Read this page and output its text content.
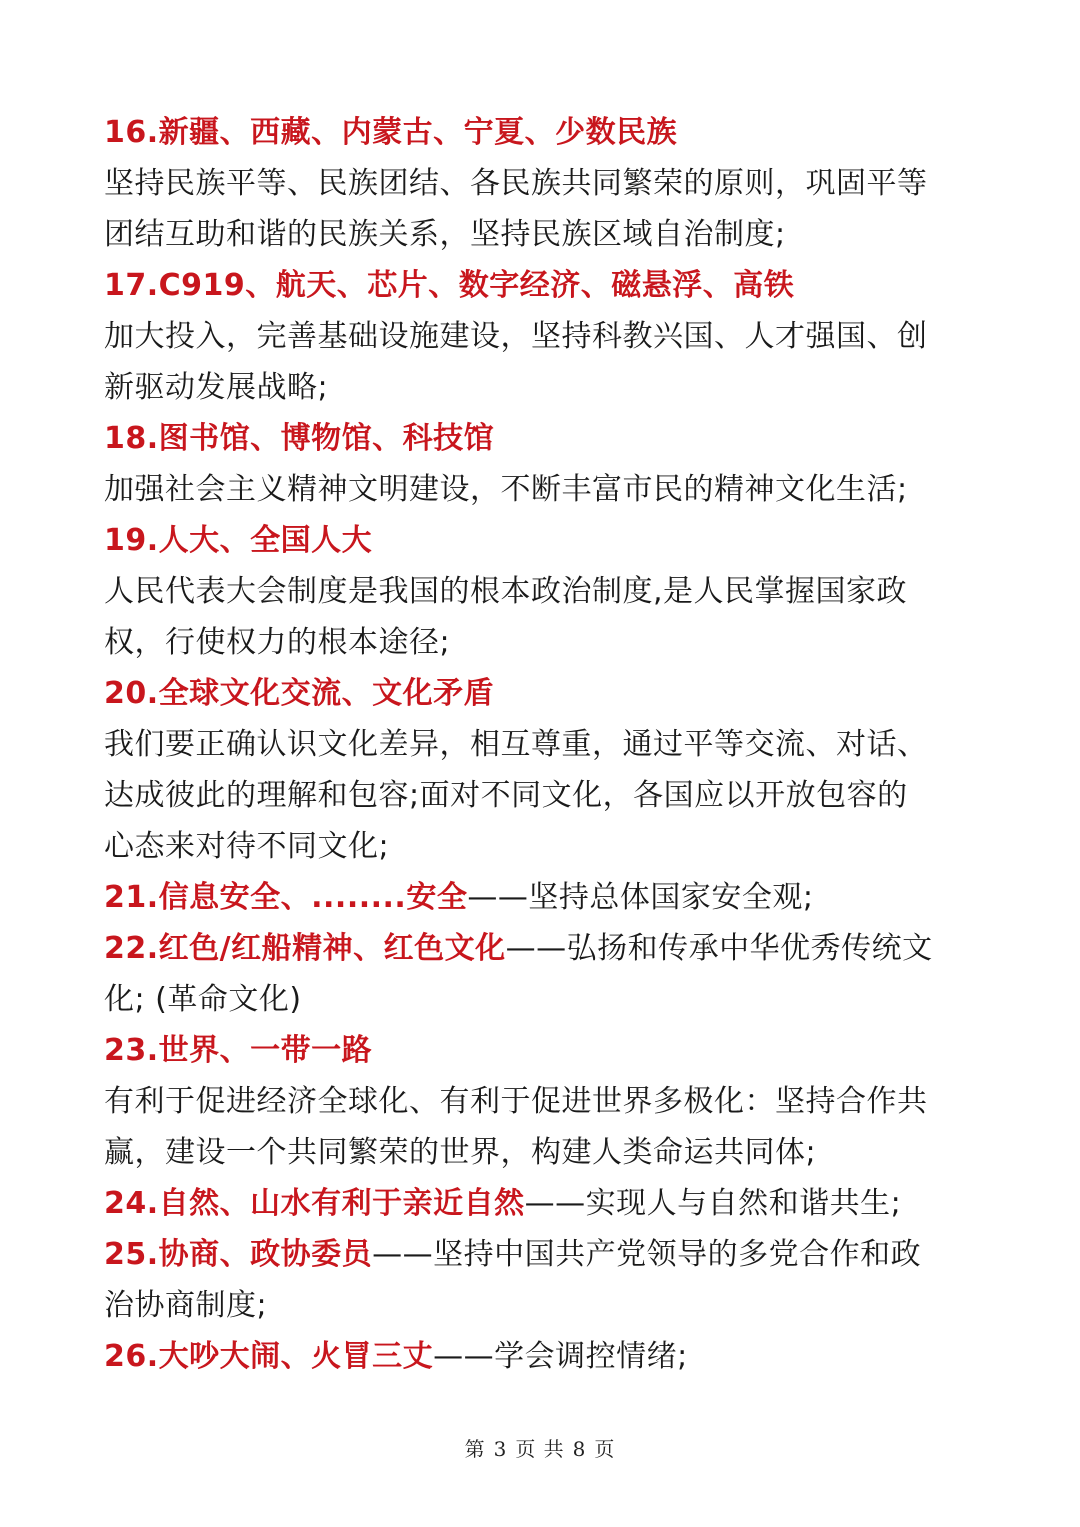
16.新疆、西藏、内蒙古、宁夏、少数民族
坚持民族平等、民族团结、各民族共同繁荣的原则，巩固平等
团结互助和谐的民族关系，坚持民族区域自治制度;
17.C919、航天、芯片、数字经济、磁悬浮、高铁
加大投入，完善基础设施建设，坚持科教兴国、人才强国、创
新驱动发展战略;
18.图书馆、博物馆、科技馆
加强社会主义精神文明建设，不断丰富市民的精神文化生活;
19.人大、全国人大
人民代表大会制度是我国的根本政治制度,是人民掌握国家政
权，行使权力的根本途径;
20.全球文化交流、文化矛盾
我们要正确认识文化差异，相互尊重，通过平等交流、对话、
达成彼此的理解和包容;面对不同文化，各国应以开放包容的
心态来对待不同文化;
21.信息安全、........安全——坚持总体国家安全观;
22.红色/红船精神、红色文化——弘扬和传承中华优秀传统文
化; (革命文化)
23.世界、一带一路
有利于促进经济全球化、有利于促进世界多极化：坚持合作共
赢，建设一个共同繁荣的世界，构建人类命运共同体;
24.自然、山水有利于亲近自然——实现人与自然和谐共生;
25.协商、政协委员——坚持中国共产党领导的多党合作和政
治协商制度;
26.大吵大闹、火冒三丈——学会调控情绪;
第 3 页 共 8 页
